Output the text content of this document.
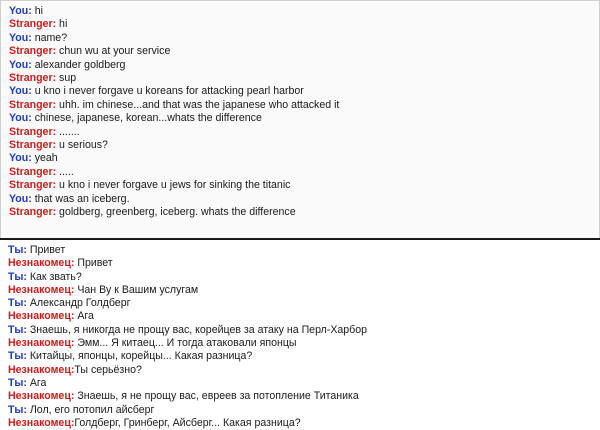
You: hi
Stranger: hi
You: name?
Stranger: chun wu at your service
You: alexander goldberg
Stranger: sup
You: u kno i never forgave u koreans for attacking pearl harbor
Stranger: uhh. im chinese...and that was the japanese who attacked it
You: chinese, japanese, korean...whats the difference
Stranger: .......
Stranger: u serious?
You: yeah
Stranger: .....
Stranger: u kno i never forgave u jews for sinking the titanic
You: that was an iceberg.
Stranger: goldberg, greenberg, iceberg. whats the difference
Ты: Привет
Незнакомец: Привет
Ты: Как звать?
Незнакомец: Чан Ву к Вашим услугам
Ты: Александр Голдберг
Незнакомец: Ага
Ты: Знаешь, я никогда не прощу вас, корейцев за атаку на Перл-Харбор
Незнакомец: Эмм... Я китаец... И тогда атаковали японцы
Ты: Китайцы, японцы, корейцы... Какая разница?
Незнакомец:Ты серьёзно?
Ты: Ага
Незнакомец: Знаешь, я не прощу вас, евреев за потопление Титаника
Ты: Лол, его потопил айсберг
Незнакомец:Голдберг, Гринберг, Айсберг... Какая разница?
